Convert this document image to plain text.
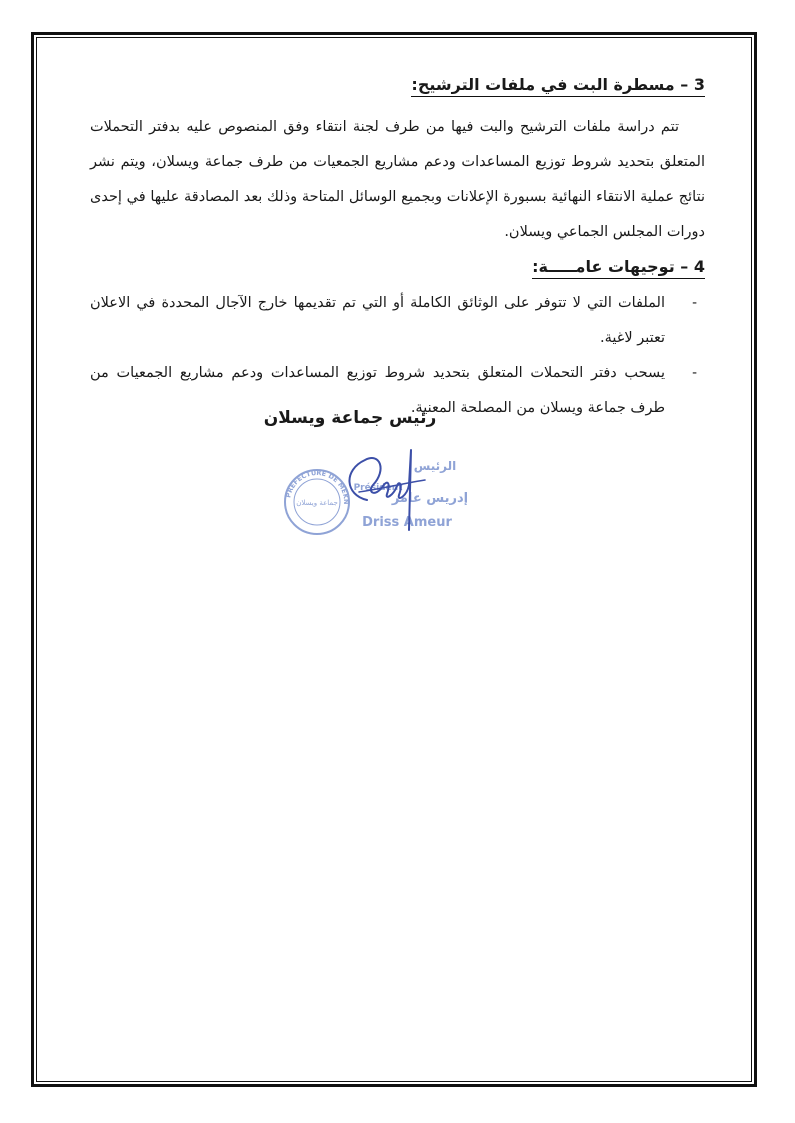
3 – مسطرة البت في ملفات الترشيح:

تتم دراسة ملفات الترشيح والبت فيها من طرف لجنة انتقاء وفق المنصوص عليه بدفتر التحملات المتعلق بتحديد شروط توزيع المساعدات ودعم مشاريع الجمعيات من طرف جماعة ويسلان، ويتم نشر نتائج عملية الانتقاء النهائية بسبورة الإعلانات وبجميع الوسائل المتاحة وذلك بعد المصادقة عليها في إحدى دورات المجلس الجماعي ويسلان.

4 – توجيهات عامـــــة:

-
الملفات التي لا تتوفر على الوثائق الكاملة أو التي تم تقديمها خارج الآجال المحددة في الاعلان تعتبر لاغية.
-
يسحب دفتر التحملات المتعلق بتحديد شروط توزيع المساعدات ودعم مشاريع الجمعيات من طرف جماعة ويسلان من المصلحة المعنية.
رئيس جماعة ويسلان
PREFECTURE DE MEKN
جماعة ويسلان
الرئيس
Président
إدريس عامر
Driss Ameur
